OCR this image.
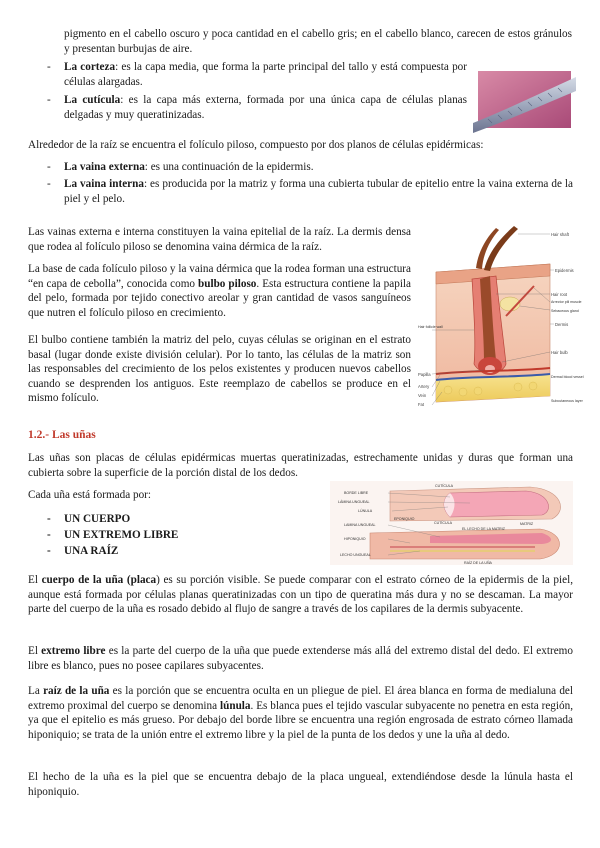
pigmento en el cabello oscuro y poca cantidad en el cabello gris; en el cabello blanco, carecen de estos gránulos y presentan burbujas de aire.

- La corteza: es la capa media, que forma la parte principal del tallo y está compuesta por células alargadas.
- La cutícula: es la capa más externa, formada por una única capa de células planas delgadas y muy queratinizadas.

Alrededor de la raíz se encuentra el folículo piloso, compuesto por dos planos de células epidérmicas:

- La vaina externa: es una continuación de la epidermis.
- La vaina interna: es producida por la matriz y forma una cubierta tubular de epitelio entre la vaina externa de la piel y el pelo.

Las vainas externa e interna constituyen la vaina epitelial de la raíz. La dermis densa que rodea al folículo piloso se denomina vaina dérmica de la raíz.

La base de cada folículo piloso y la vaina dérmica que la rodea forman una estructura “en capa de cebolla”, conocida como bulbo piloso. Esta estructura contiene la papila del pelo, formada por tejido conectivo areolar y gran cantidad de vasos sanguíneos que nutren el folículo piloso en crecimiento.

El bulbo contiene también la matriz del pelo, cuyas células se originan en el estrato basal (lugar donde existe división celular). Por lo tanto, las células de la matriz son las responsables del crecimiento de los pelos existentes y producen nuevos cabellos cuando se desprenden los antiguos. Este reemplazo de cabellos se produce en el mismo folículo.

Hair shaft
Epidermis
Hair root
Arrector pili muscle
Sebaceous gland
Dermis
Hair bulb
Hair follicle wall
Papilla
Artery
Vein
Fat
Dermal blood vessel
Subcutaneous layer
1.2.- Las uñas

Las uñas son placas de células epidérmicas muertas queratinizadas, estrechamente unidas y duras que forman una cubierta sobre la superficie de la porción distal de los dedos.

Cada uña está formada por:

- UN CUERPO
- UN EXTREMO LIBRE
- UNA RAÍZ
CUTÍCULA
BORDE LIBRE
LÁMINA UNGUEAL
LÚNULA
EPONIQUIO
CUTÍCULA
LAMINA UNGUEAL
EL LECHO DE LA MATRIZ
HIPONIQUIO
LECHO UNGUEAL
MATRIZ
RAÍZ DE LA UÑA

El cuerpo de la uña (placa) es su porción visible. Se puede comparar con el estrato córneo de la epidermis de la piel, aunque está formada por células planas queratinizadas con un tipo de queratina más dura y no se descaman. La mayor parte del cuerpo de la uña es rosado debido al flujo de sangre a través de los capilares de la dermis subyacente.

El extremo libre es la parte del cuerpo de la uña que puede extenderse más allá del extremo distal del dedo. El extremo libre es blanco, pues no posee capilares subyacentes.

La raíz de la uña es la porción que se encuentra oculta en un pliegue de piel. El área blanca en forma de medialuna del extremo proximal del cuerpo se denomina lúnula. Es blanca pues el tejido vascular subyacente no penetra en esta región, ya que el epitelio es más grueso. Por debajo del borde libre se encuentra una región engrosada de estrato córneo llamada hiponiquio; se trata de la unión entre el extremo libre y la piel de la punta de los dedos y une la uña al dedo.

El hecho de la uña es la piel que se encuentra debajo de la placa ungueal, extendiéndose desde la lúnula hasta el hiponiquio.
